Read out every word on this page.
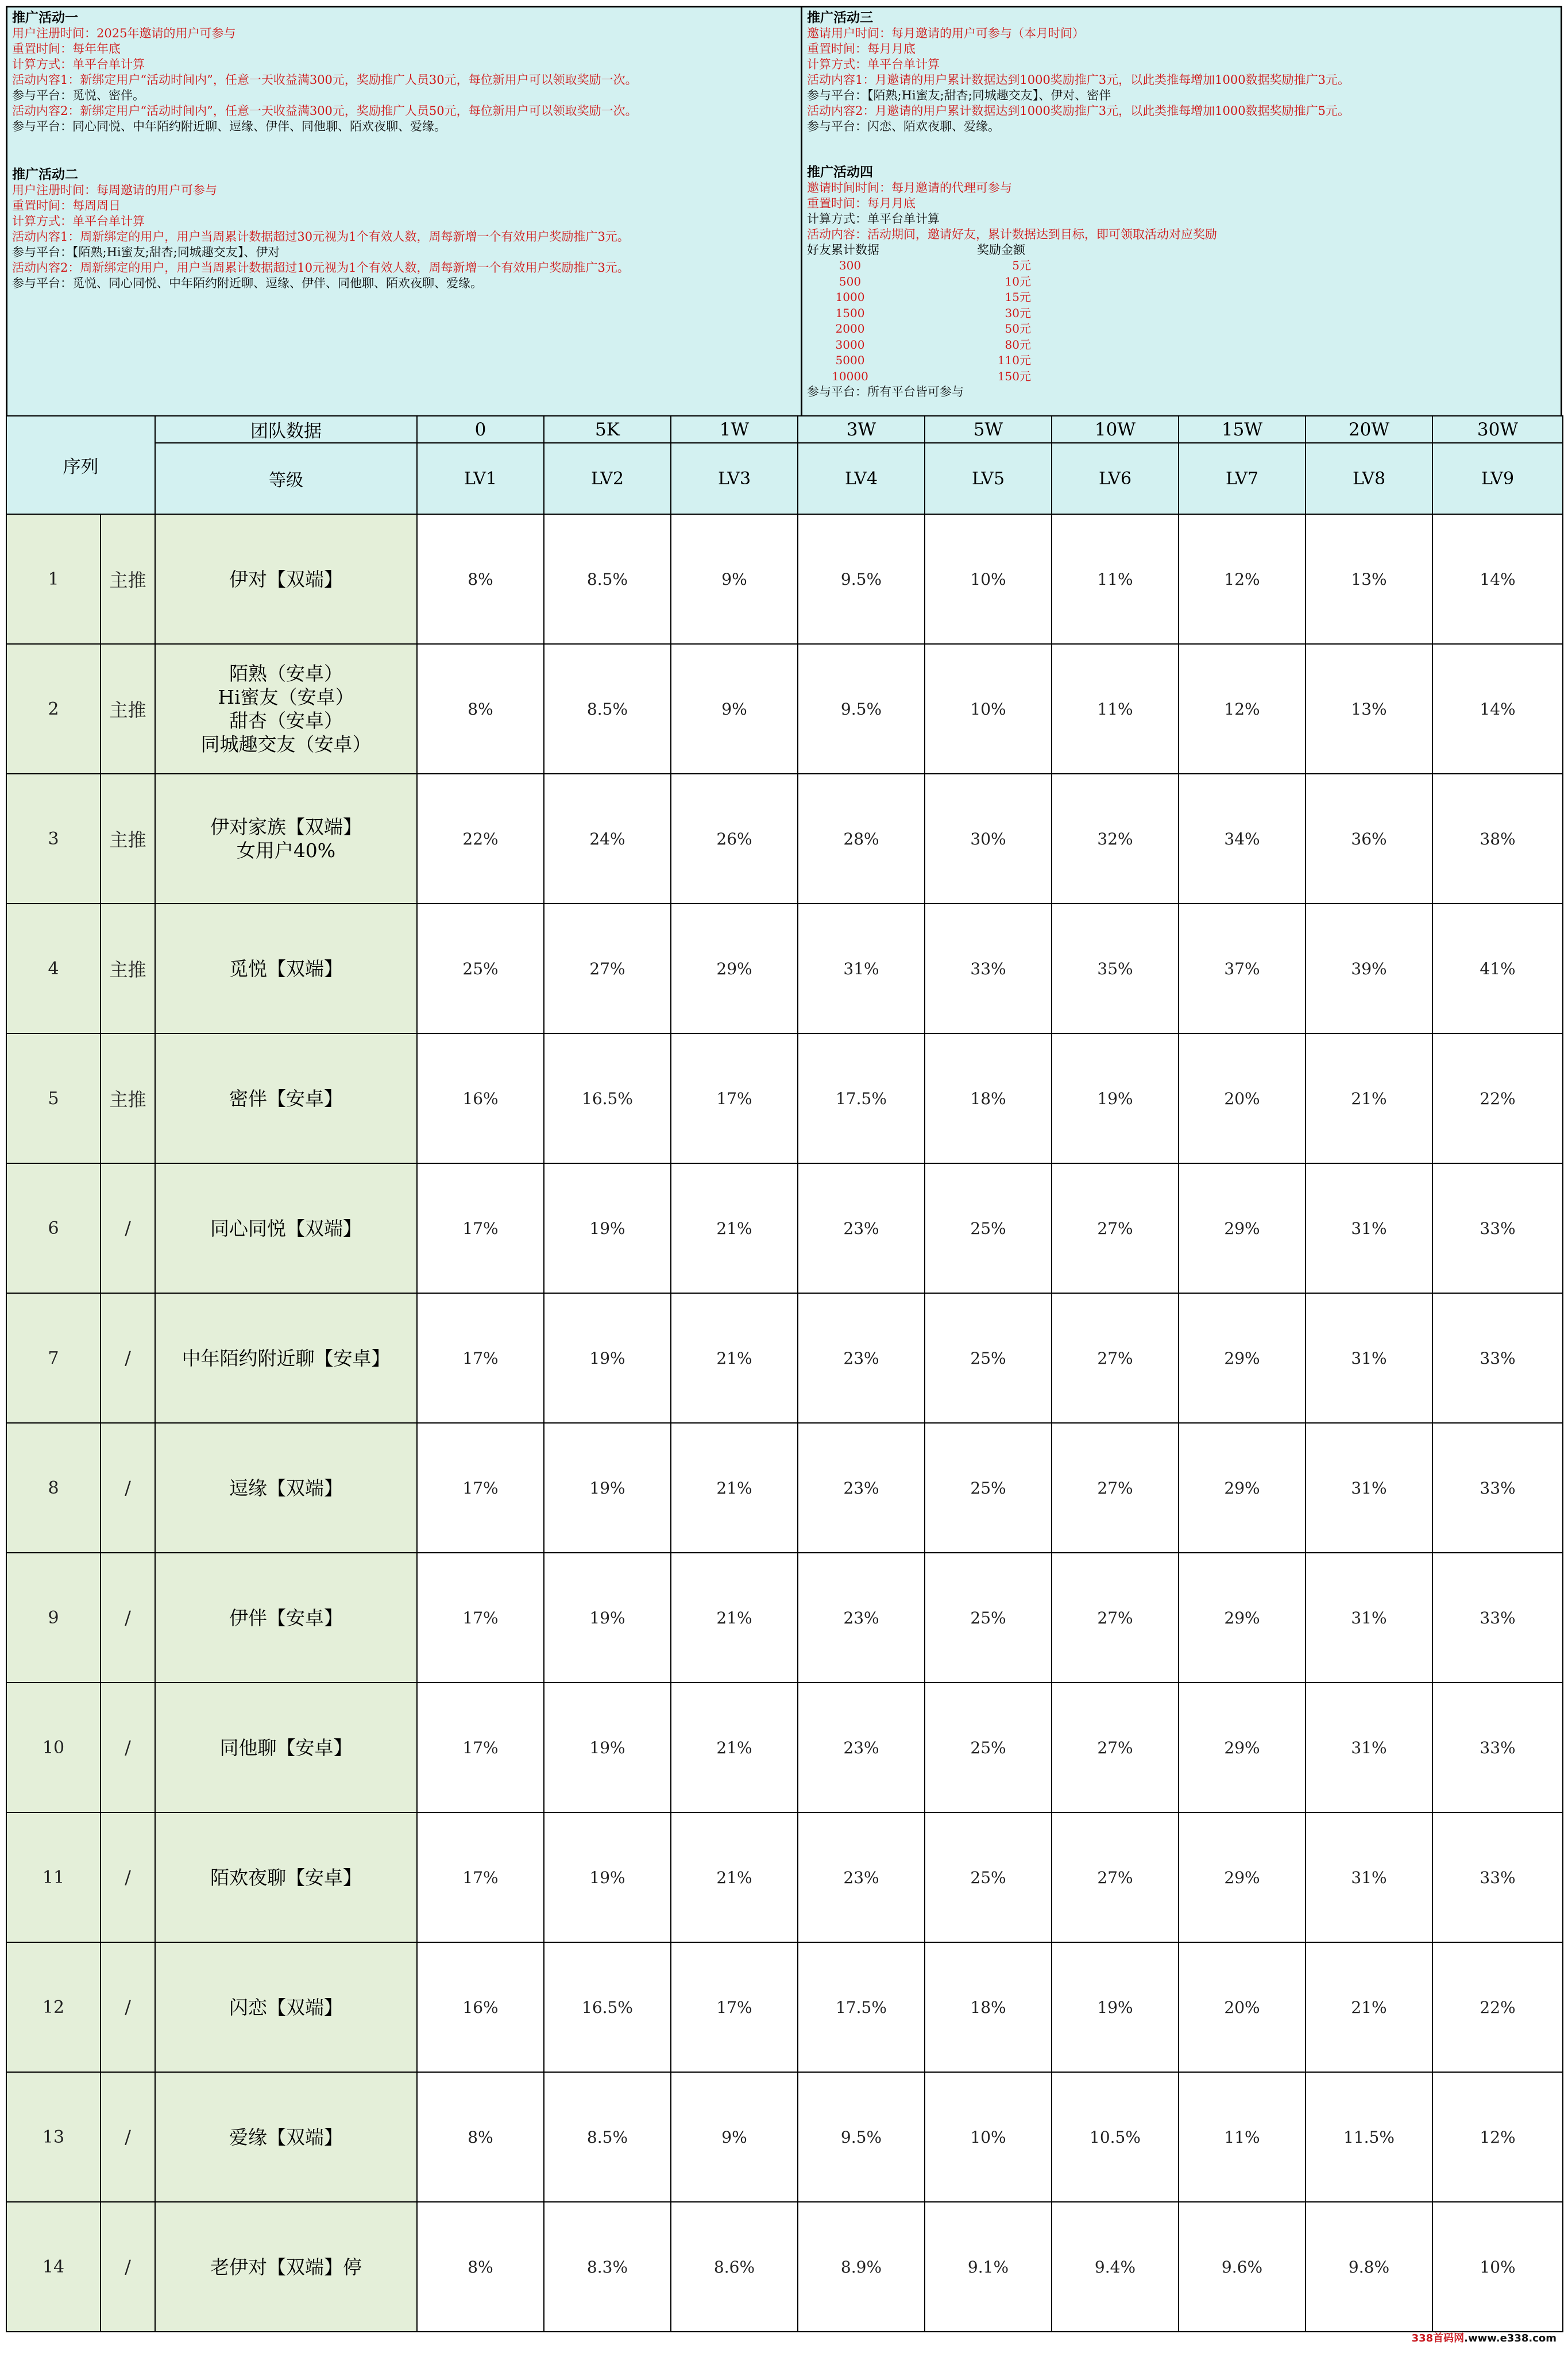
推广活动一
用户注册时间：2025年邀请的用户可参与
重置时间：每年年底
计算方式：单平台单计算
活动内容1：新绑定用户“活动时间内”，任意一天收益满300元，奖励推广人员30元，每位新用户可以领取奖励一次。
参与平台：觅悦、密伴。
活动内容2：新绑定用户“活动时间内”，任意一天收益满300元，奖励推广人员50元，每位新用户可以领取奖励一次。
参与平台：同心同悦、中年陌约附近聊、逗缘、伊伴、同他聊、陌欢夜聊、爱缘。
推广活动二
用户注册时间：每周邀请的用户可参与
重置时间：每周周日
计算方式：单平台单计算
活动内容1：周新绑定的用户，用户当周累计数据超过30元视为1个有效人数，周每新增一个有效用户奖励推广3元。
参与平台：【陌熟;Hi蜜友;甜杏;同城趣交友】、伊对
活动内容2：周新绑定的用户，用户当周累计数据超过10元视为1个有效人数，周每新增一个有效用户奖励推广3元。
参与平台：觅悦、同心同悦、中年陌约附近聊、逗缘、伊伴、同他聊、陌欢夜聊、爱缘。
推广活动三
邀请用户时间：每月邀请的用户可参与（本月时间）
重置时间：每月月底
计算方式：单平台单计算
活动内容1：月邀请的用户累计数据达到1000奖励推广3元，以此类推每增加1000数据奖励推广3元。
参与平台：【陌熟;Hi蜜友;甜杏;同城趣交友】、伊对、密伴
活动内容2：月邀请的用户累计数据达到1000奖励推广3元，以此类推每增加1000数据奖励推广5元。
参与平台：闪恋、陌欢夜聊、爱缘。
推广活动四
邀请时间时间：每月邀请的代理可参与
重置时间：每月月底
计算方式：单平台单计算
活动内容：活动期间，邀请好友，累计数据达到目标，即可领取活动对应奖励
好友累计数据	奖励金额
300	5元
500	10元
1000	15元
1500	30元
2000	50元
3000	80元
5000	110元
10000	150元
参与平台：所有平台皆可参与
序列		团队数据	0	5K	1W	3W	5W	10W	15W	20W	30W
		等级	LV1	LV2	LV3	LV4	LV5	LV6	LV7	LV8	LV9
1	主推	伊对【双端】	8%	8.5%	9%	9.5%	10%	11%	12%	13%	14%
2	主推	陌熟（安卓）
Hi蜜友（安卓）
甜杏（安卓）
同城趣交友（安卓）	8%	8.5%	9%	9.5%	10%	11%	12%	13%	14%
3	主推	伊对家族【双端】
女用户40%	22%	24%	26%	28%	30%	32%	34%	36%	38%
4	主推	觅悦【双端】	25%	27%	29%	31%	33%	35%	37%	39%	41%
5	主推	密伴【安卓】	16%	16.5%	17%	17.5%	18%	19%	20%	21%	22%
6	/	同心同悦【双端】	17%	19%	21%	23%	25%	27%	29%	31%	33%
7	/	中年陌约附近聊【安卓】	17%	19%	21%	23%	25%	27%	29%	31%	33%
8	/	逗缘【双端】	17%	19%	21%	23%	25%	27%	29%	31%	33%
9	/	伊伴【安卓】	17%	19%	21%	23%	25%	27%	29%	31%	33%
10	/	同他聊【安卓】	17%	19%	21%	23%	25%	27%	29%	31%	33%
11	/	陌欢夜聊【安卓】	17%	19%	21%	23%	25%	27%	29%	31%	33%
12	/	闪恋【双端】	16%	16.5%	17%	17.5%	18%	19%	20%	21%	22%
13	/	爱缘【双端】	8%	8.5%	9%	9.5%	10%	10.5%	11%	11.5%	12%
14	/	老伊对【双端】停	8%	8.3%	8.6%	8.9%	9.1%	9.4%	9.6%	9.8%	10%
338首码网.www.e338.com
